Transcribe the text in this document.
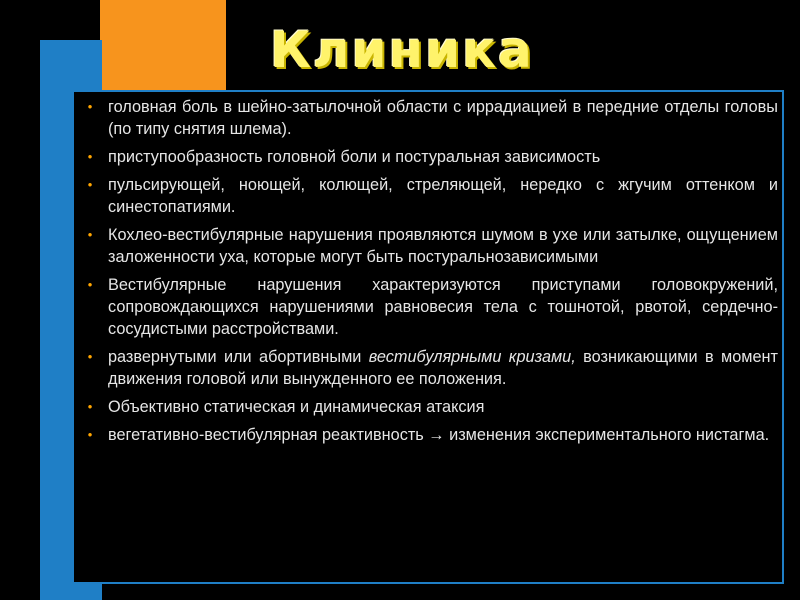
Клиника
• головная боль в шейно-затылочной области с иррадиацией в передние отделы головы (по типу снятия шлема).
• приступообразность головной боли и постуральная зависимость
• пульсирующей, ноющей, колющей, стреляющей, нередко с жгучим оттенком и синестопатиями.
• Кохлео-вестибулярные нарушения проявляются шумом в ухе или затылке, ощущением заложенности уха, которые могут быть постуральнозависимыми
• Вестибулярные нарушения характеризуются приступами головокружений, сопровождающихся нарушениями равновесия тела с тошнотой, рвотой, сердечно-сосудистыми расстройствами.
• развернутыми или абортивными вестибулярными кризами, возникающими в момент движения головой или вынужденного ее положения.
• Объективно статическая и динамическая атаксия
• вегетативно-вестибулярная реактивность → изменения экспериментального нистагма.
